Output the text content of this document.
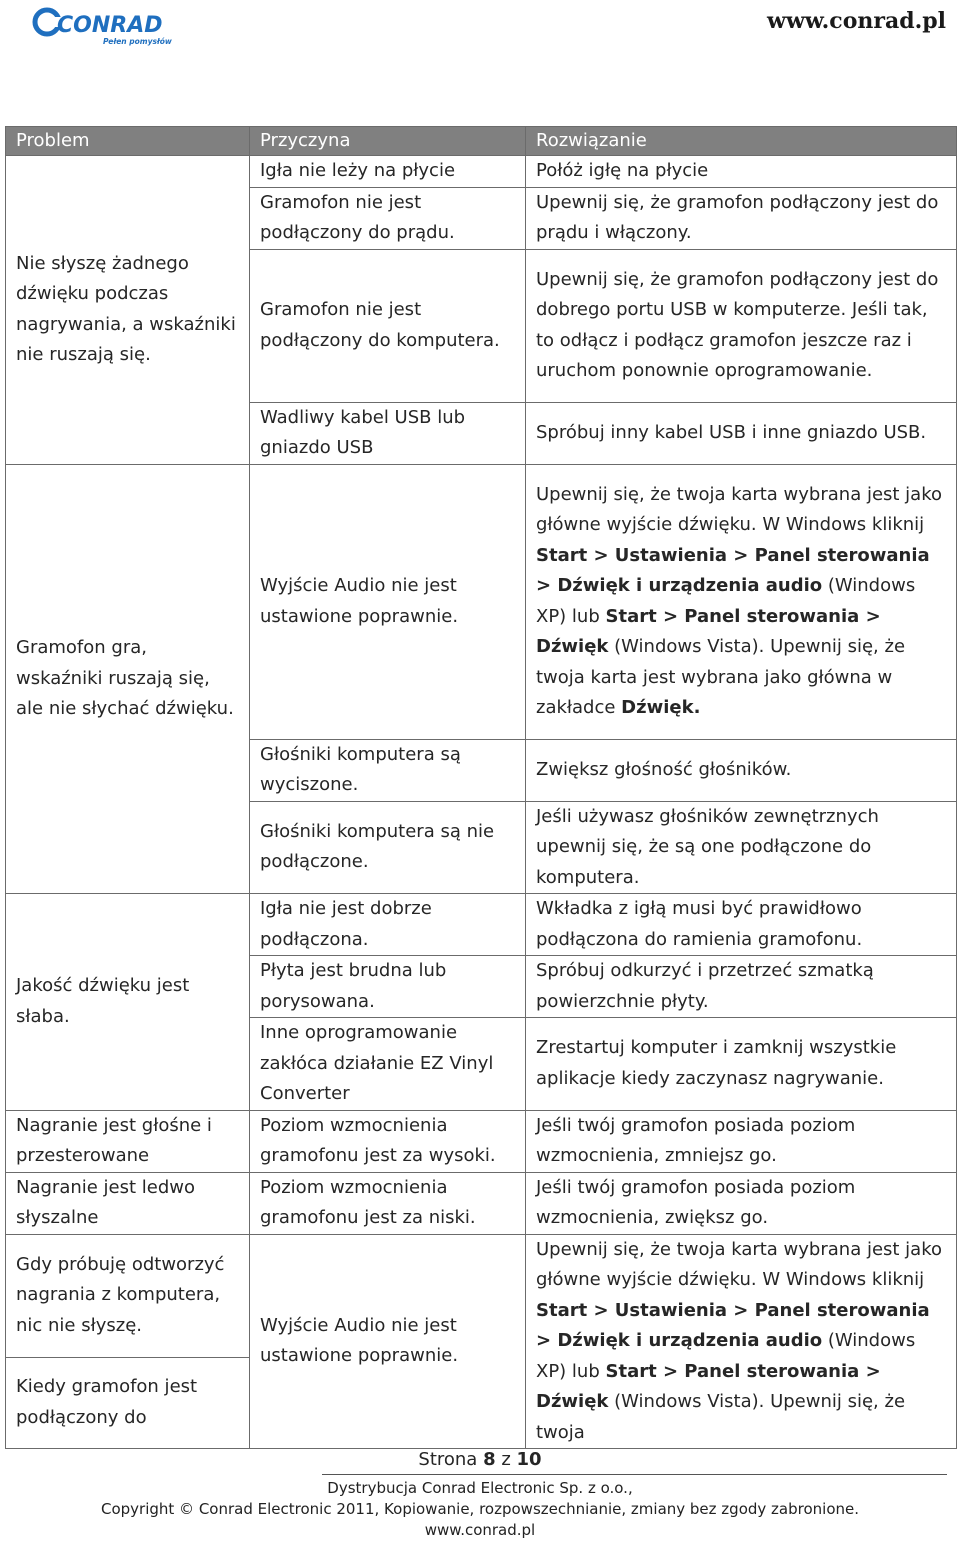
CONRAD
Pełen pomysłów
www.conrad.pl
Problem	Przyczyna	Rozwiązanie
Nie słyszę żadnego dźwięku podczas nagrywania, a wskaźniki nie ruszają się.	Igła nie leży na płycie	Połóż igłę na płycie
	Gramofon nie jest podłączony do prądu.	Upewnij się, że gramofon podłączony jest do prądu i włączony.
	Gramofon nie jest podłączony do komputera.	Upewnij się, że gramofon podłączony jest do dobrego portu USB w komputerze. Jeśli tak, to odłącz i podłącz gramofon jeszcze raz i uruchom ponownie oprogramowanie.
	Wadliwy kabel USB lub gniazdo USB	Spróbuj inny kabel USB i inne gniazdo USB.
Gramofon gra, wskaźniki ruszają się, ale nie słychać dźwięku.	Wyjście Audio nie jest ustawione poprawnie.	Upewnij się, że twoja karta wybrana jest jako główne wyjście dźwięku. W Windows kliknij Start > Ustawienia > Panel sterowania > Dźwięk i urządzenia audio (Windows XP) lub Start > Panel sterowania > Dźwięk (Windows Vista). Upewnij się, że twoja karta jest wybrana jako główna w zakładce Dźwięk.
	Głośniki komputera są wyciszone.	Zwiększ głośność głośników.
	Głośniki komputera są nie podłączone.	Jeśli używasz głośników zewnętrznych upewnij się, że są one podłączone do komputera.
Jakość dźwięku jest słaba.	Igła nie jest dobrze podłączona.	Wkładka z igłą musi być prawidłowo podłączona do ramienia gramofonu.
	Płyta jest brudna lub porysowana.	Spróbuj odkurzyć i przetrzeć szmatką powierzchnie płyty.
	Inne oprogramowanie zakłóca działanie EZ Vinyl Converter	Zrestartuj komputer i zamknij wszystkie aplikacje kiedy zaczynasz nagrywanie.
Nagranie jest głośne i przesterowane	Poziom wzmocnienia gramofonu jest za wysoki.	Jeśli twój gramofon posiada poziom wzmocnienia, zmniejsz go.
Nagranie jest ledwo słyszalne	Poziom wzmocnienia gramofonu jest za niski.	Jeśli twój gramofon posiada poziom wzmocnienia, zwiększ go.
Gdy próbuję odtworzyć nagrania z komputera, nic nie słyszę.	Wyjście Audio nie jest ustawione poprawnie.	Upewnij się, że twoja karta wybrana jest jako główne wyjście dźwięku. W Windows kliknij Start > Ustawienia > Panel sterowania > Dźwięk i urządzenia audio (Windows XP) lub Start > Panel sterowania > Dźwięk (Windows Vista). Upewnij się, że twoja
Kiedy gramofon jest podłączony do		
Strona 8 z 10
Dystrybucja Conrad Electronic Sp. z o.o.,
Copyright © Conrad Electronic 2011, Kopiowanie, rozpowszechnianie, zmiany bez zgody zabronione.
www.conrad.pl
